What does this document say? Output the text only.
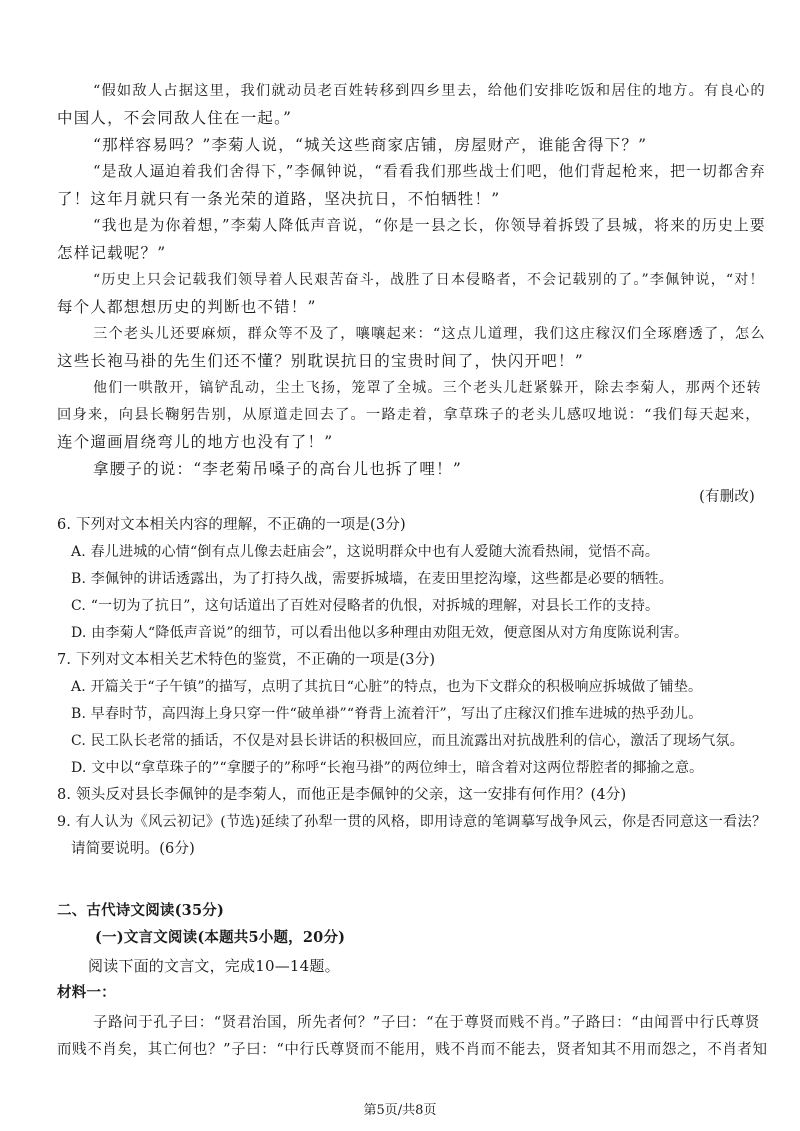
“假如敌人占据这里，我们就动员老百姓转移到四乡里去，给他们安排吃饭和居住的地方。有良心的
中国人，不会同敌人住在一起。”
“那样容易吗？”李菊人说，“城关这些商家店铺，房屋财产，谁能舍得下？”
“是敌人逼迫着我们舍得下，”李佩钟说，“看看我们那些战士们吧，他们背起枪来，把一切都舍弃
了！这年月就只有一条光荣的道路，坚决抗日，不怕牺牲！”
“我也是为你着想，”李菊人降低声音说，“你是一县之长，你领导着拆毁了县城，将来的历史上要
怎样记载呢？”
“历史上只会记载我们领导着人民艰苦奋斗，战胜了日本侵略者，不会记载别的了。”李佩钟说，“对！
每个人都想想历史的判断也不错！”
三个老头儿还要麻烦，群众等不及了，嚷嚷起来：“这点儿道理，我们这庄稼汉们全琢磨透了，怎么
这些长袍马褂的先生们还不懂？别耽误抗日的宝贵时间了，快闪开吧！”
他们一哄散开，镐铲乱动，尘土飞扬，笼罩了全城。三个老头儿赶紧躲开，除去李菊人，那两个还转
回身来，向县长鞠躬告别，从原道走回去了。一路走着，拿草珠子的老头儿感叹地说：“我们每天起来，
连个遛画眉绕弯儿的地方也没有了！”
拿腰子的说：“李老菊吊嗓子的高台儿也拆了哩！”
(有删改)
6. 下列对文本相关内容的理解，不正确的一项是(3分)
A. 春儿进城的心情“倒有点儿像去赶庙会”，这说明群众中也有人爱随大流看热闹，觉悟不高。
B. 李佩钟的讲话透露出，为了打持久战，需要拆城墙，在麦田里挖沟壕，这些都是必要的牺牲。
C. “一切为了抗日”，这句话道出了百姓对侵略者的仇恨，对拆城的理解，对县长工作的支持。
D. 由李菊人“降低声音说”的细节，可以看出他以多种理由劝阻无效，便意图从对方角度陈说利害。
7. 下列对文本相关艺术特色的鉴赏，不正确的一项是(3分)
A. 开篇关于“子午镇”的描写，点明了其抗日“心脏”的特点，也为下文群众的积极响应拆城做了铺垫。
B. 早春时节，高四海上身只穿一件“破单褂”“脊背上流着汗”，写出了庄稼汉们推车进城的热乎劲儿。
C. 民工队长老常的插话，不仅是对县长讲话的积极回应，而且流露出对抗战胜利的信心，激活了现场气氛。
D. 文中以“拿草珠子的”“拿腰子的”称呼“长袍马褂”的两位绅士，暗含着对这两位帮腔者的揶揄之意。
8. 领头反对县长李佩钟的是李菊人，而他正是李佩钟的父亲，这一安排有何作用？(4分)
9. 有人认为《风云初记》(节选)延续了孙犁一贯的风格，即用诗意的笔调摹写战争风云，你是否同意这一看法？
请简要说明。(6分)
二、古代诗文阅读(35分)
(一)文言文阅读(本题共5小题，20分)
阅读下面的文言文，完成10—14题。
材料一：
子路问于孔子曰：“贤君治国，所先者何？”子曰：“在于尊贤而贱不肖。”子路曰：“由闻晋中行氏尊贤
而贱不肖矣，其亡何也？”子曰：“中行氏尊贤而不能用，贱不肖而不能去，贤者知其不用而怨之，不肖者知
第5页/共8页
